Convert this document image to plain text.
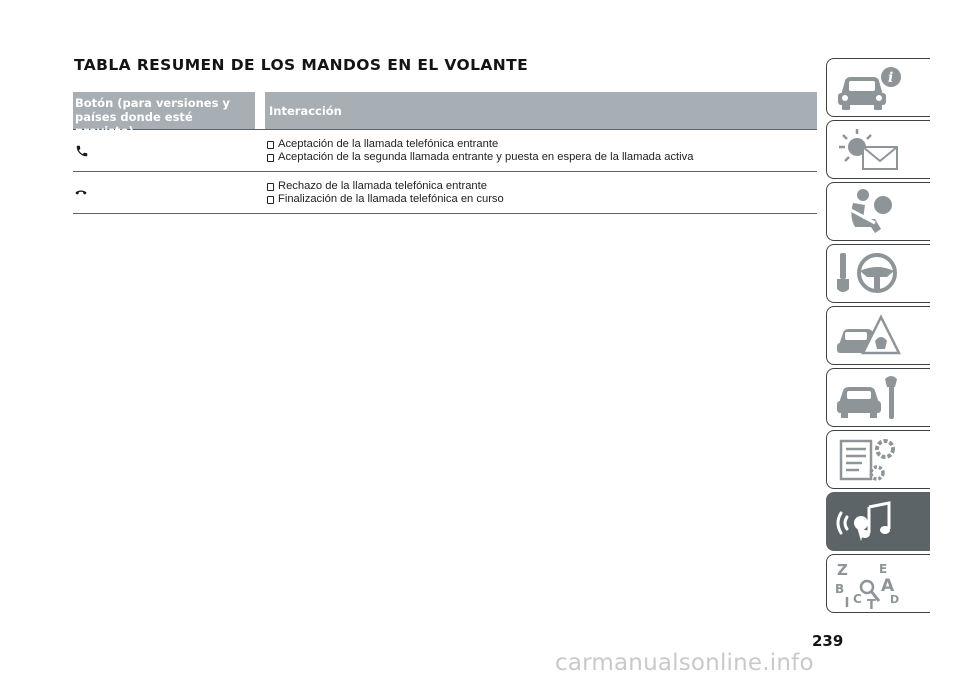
TABLA RESUMEN DE LOS MANDOS EN EL VOLANTE
Botón (para versiones y países donde esté previsto)
Interacción
Aceptación de la llamada telefónica entrante
Aceptación de la segunda llamada entrante y puesta en espera de la llamada activa
Rechazo de la llamada telefónica entrante
Finalización de la llamada telefónica en curso
i
Z	E
A
B
C	D
T
239
carmanualsonline.info
